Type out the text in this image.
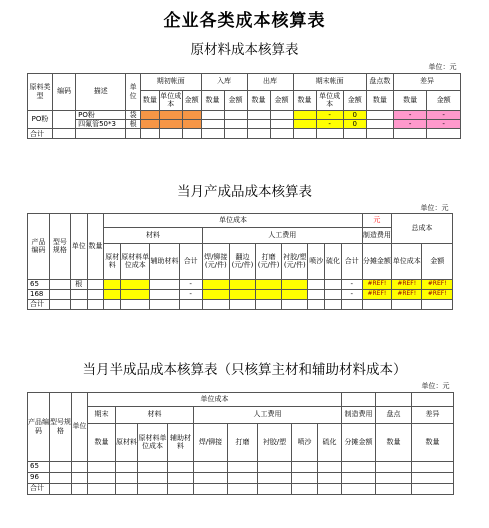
企业各类成本核算表
原材料成本核算表
														单位：元		
原料类型	编码	描述	单位	期初帐面			入库		出库		期末帐面			盘点数	差异	
				数量	单位成本	金额	数量	金额	数量	金额	数量	单位成本	金额	数量	数量	金额
PO粉		PO粉	袋									-	0		-	-
		四氟管50*3	根									-	0		-	-
合计																
当月产成品成本核算表
															单位：元		
产品编码	型号规格	单位	数量	单位成本											元	总成本	
				材料				人工费用							制造费用		
				原材料	原材料单位成本	辅助材料	合计	焊/铆接(元/件)	翻边(元/件)	打磨(元/件)	衬胶/塑(元/件)	喷沙	硫化	合计	分摊金额	单位成本	金额

65		根					-							-	#REF!	#REF!	#REF!
168							-							-	#REF!	#REF!	#REF!
合计																	
当月半成品成本核算表（只核算主材和辅助材料成本）
													单位：元	
产品编码	型号规格	单位	单位成本											
			期末	材料			人工费用					制造费用	盘点	差异
			数量	原材料	原材料单位成本	辅助材料	焊/铆接	打磨	衬胶/塑	喷沙	硫化	分摊金额	数量	数量

65														
96														
合计														
